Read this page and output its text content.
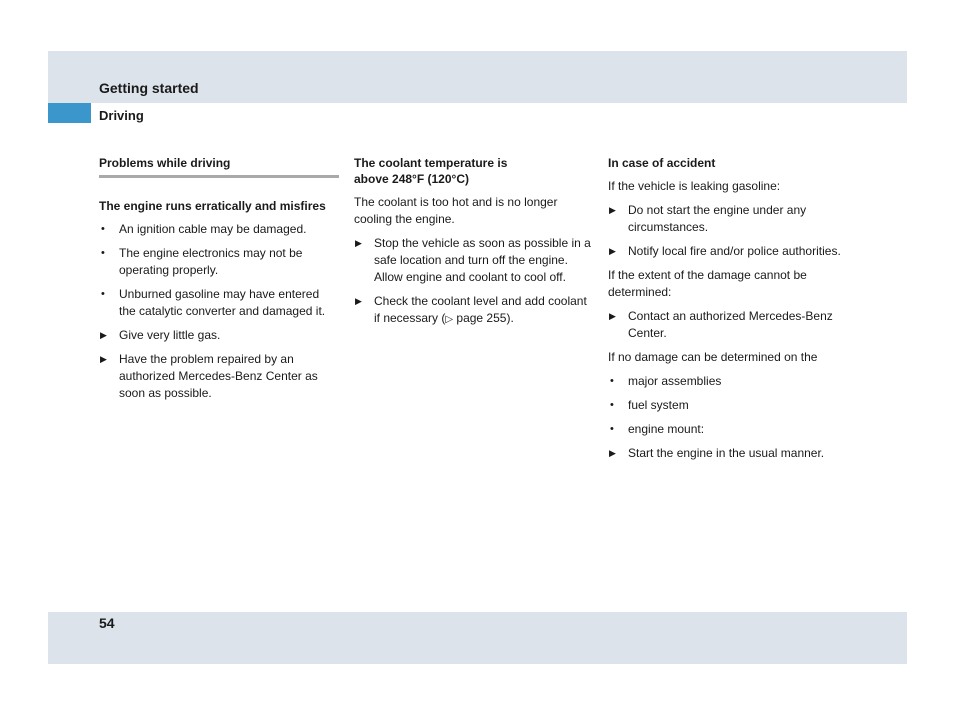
Getting started
Driving
Problems while driving
The engine runs erratically and misfires
•	An ignition cable may be damaged.
•	The engine electronics may not be operating properly.
•	Unburned gasoline may have entered the catalytic converter and damaged it.
▶	Give very little gas.
▶	Have the problem repaired by an authorized Mercedes-Benz Center as soon as possible.
The coolant temperature is
above 248°F (120°C)
The coolant is too hot and is no longer cooling the engine.
▶	Stop the vehicle as soon as possible in a safe location and turn off the engine. Allow engine and coolant to cool off.
▶	Check the coolant level and add coolant if necessary (▷ page 255).
In case of accident
If the vehicle is leaking gasoline:
▶	Do not start the engine under any circumstances.
▶	Notify local fire and/or police authorities.
If the extent of the damage cannot be determined:
▶	Contact an authorized Mercedes-Benz Center.
If no damage can be determined on the
•	major assemblies
•	fuel system
•	engine mount:
▶	Start the engine in the usual manner.
54
